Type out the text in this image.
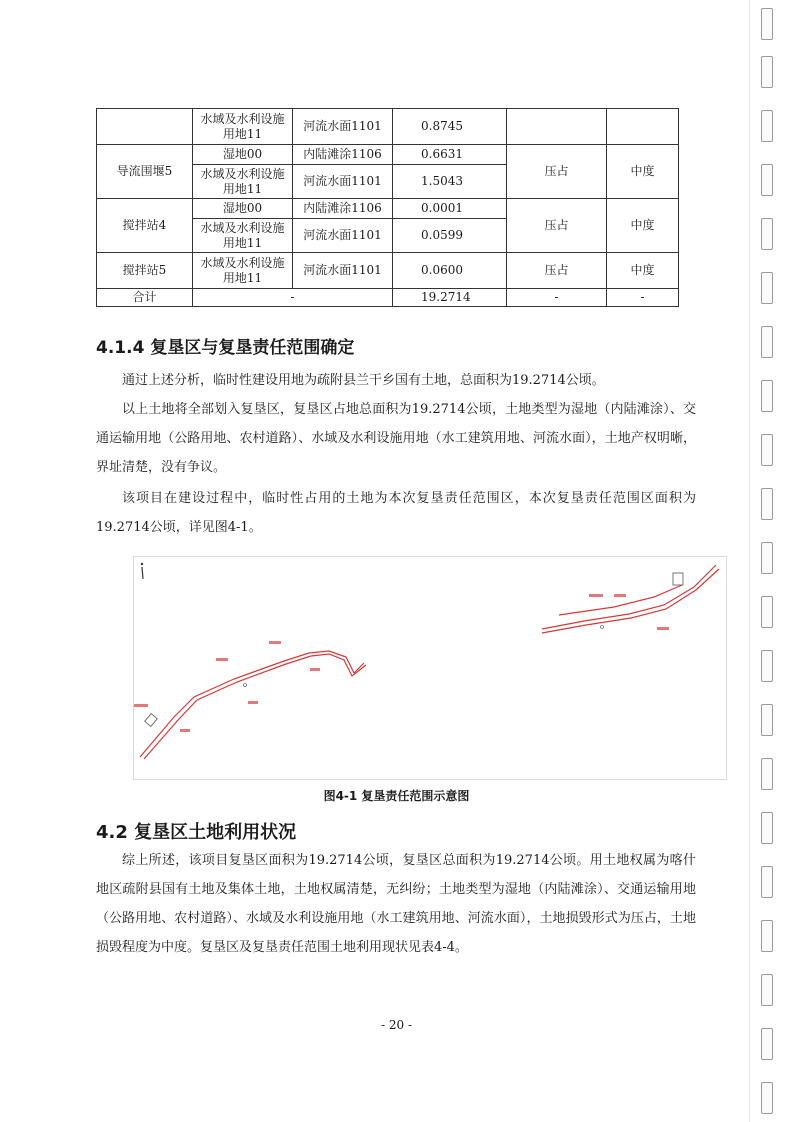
	水域及水利设施用地11	河流水面1101	0.8745		
导流围堰5	湿地00	内陆滩涂1106	0.6631	压占	中度
	水域及水利设施用地11	河流水面1101	1.5043		
搅拌站4	湿地00	内陆滩涂1106	0.0001	压占	中度
	水域及水利设施用地11	河流水面1101	0.0599		
搅拌站5	水域及水利设施用地11	河流水面1101	0.0600	压占	中度
合计	-		19.2714	-	-
4.1.4 复垦区与复垦责任范围确定

通过上述分析，临时性建设用地为疏附县兰干乡国有土地，总面积为19.2714公顷。

以上土地将全部划入复垦区，复垦区占地总面积为19.2714公顷，土地类型为湿地（内陆滩涂）、交通运输用地（公路用地、农村道路）、水域及水利设施用地（水工建筑用地、河流水面），土地产权明晰，界址清楚，没有争议。

该项目在建设过程中，临时性占用的土地为本次复垦责任范围区，本次复垦责任范围区面积为19.2714公顷，详见图4-1。

图4-1 复垦责任范围示意图

4.2 复垦区土地利用状况

综上所述，该项目复垦区面积为19.2714公顷，复垦区总面积为19.2714公顷。用土地权属为喀什地区疏附县国有土地及集体土地，土地权属清楚，无纠纷；土地类型为湿地（内陆滩涂）、交通运输用地（公路用地、农村道路）、水域及水利设施用地（水工建筑用地、河流水面），土地损毁形式为压占，土地损毁程度为中度。复垦区及复垦责任范围土地利用现状见表4-4。

- 20 -
